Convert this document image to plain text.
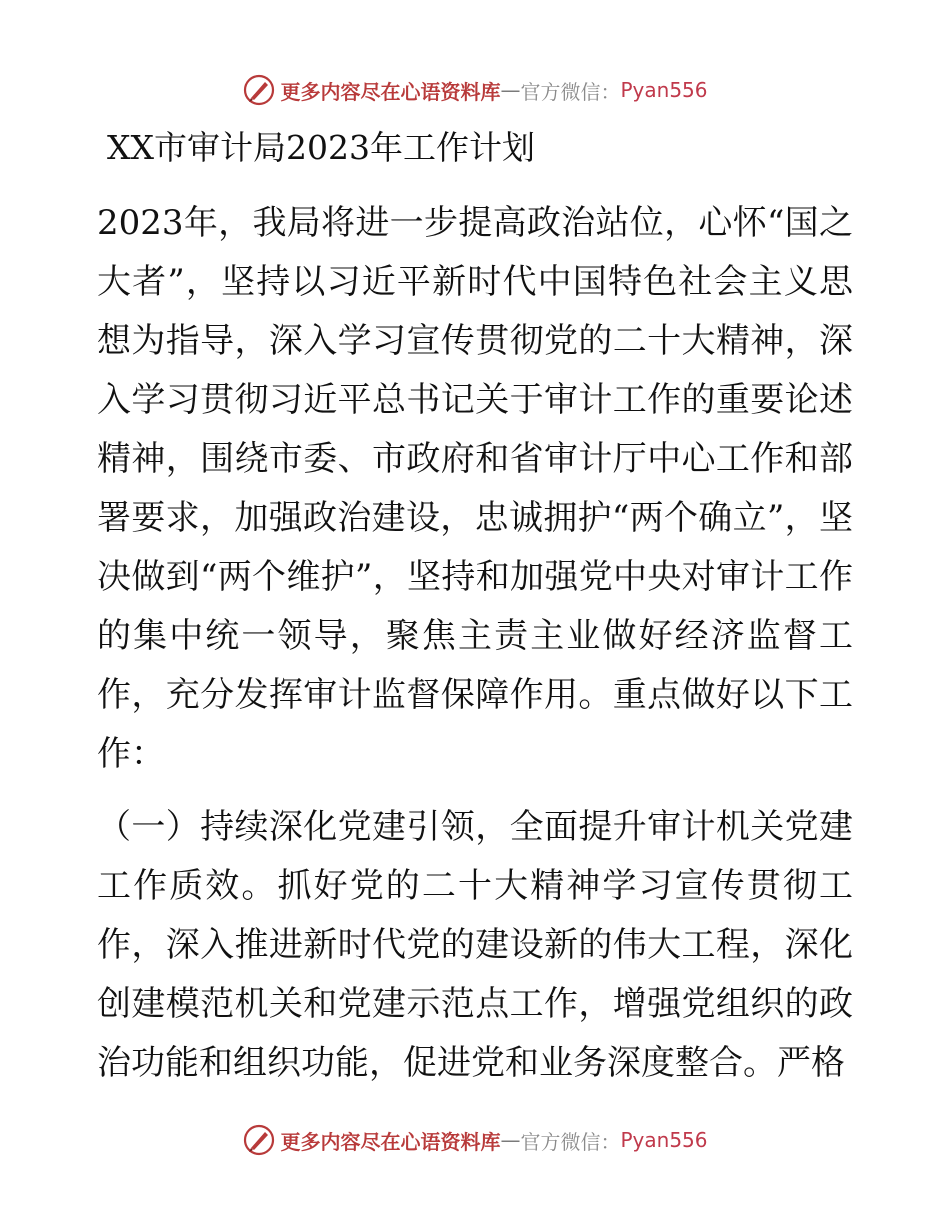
更多内容尽在心语资料库 — 官方微信： Pyan556
XX市审计局2023年工作计划

2023年，我局将进一步提高政治站位，心怀“国之大者”，坚持以习近平新时代中国特色社会主义思想为指导，深入学习宣传贯彻党的二十大精神，深入学习贯彻习近平总书记关于审计工作的重要论述精神，围绕市委、市政府和省审计厅中心工作和部署要求，加强政治建设，忠诚拥护“两个确立”，坚决做到“两个维护”，坚持和加强党中央对审计工作的集中统一领导，聚焦主责主业做好经济监督工作，充分发挥审计监督保障作用。重点做好以下工作：

（一）持续深化党建引领，全面提升审计机关党建工作质效。抓好党的二十大精神学习宣传贯彻工作，深入推进新时代党的建设新的伟大工程，深化创建模范机关和党建示范点工作，增强党组织的政治功能和组织功能，促进党和业务深度整合。严格

更多内容尽在心语资料库 — 官方微信： Pyan556
